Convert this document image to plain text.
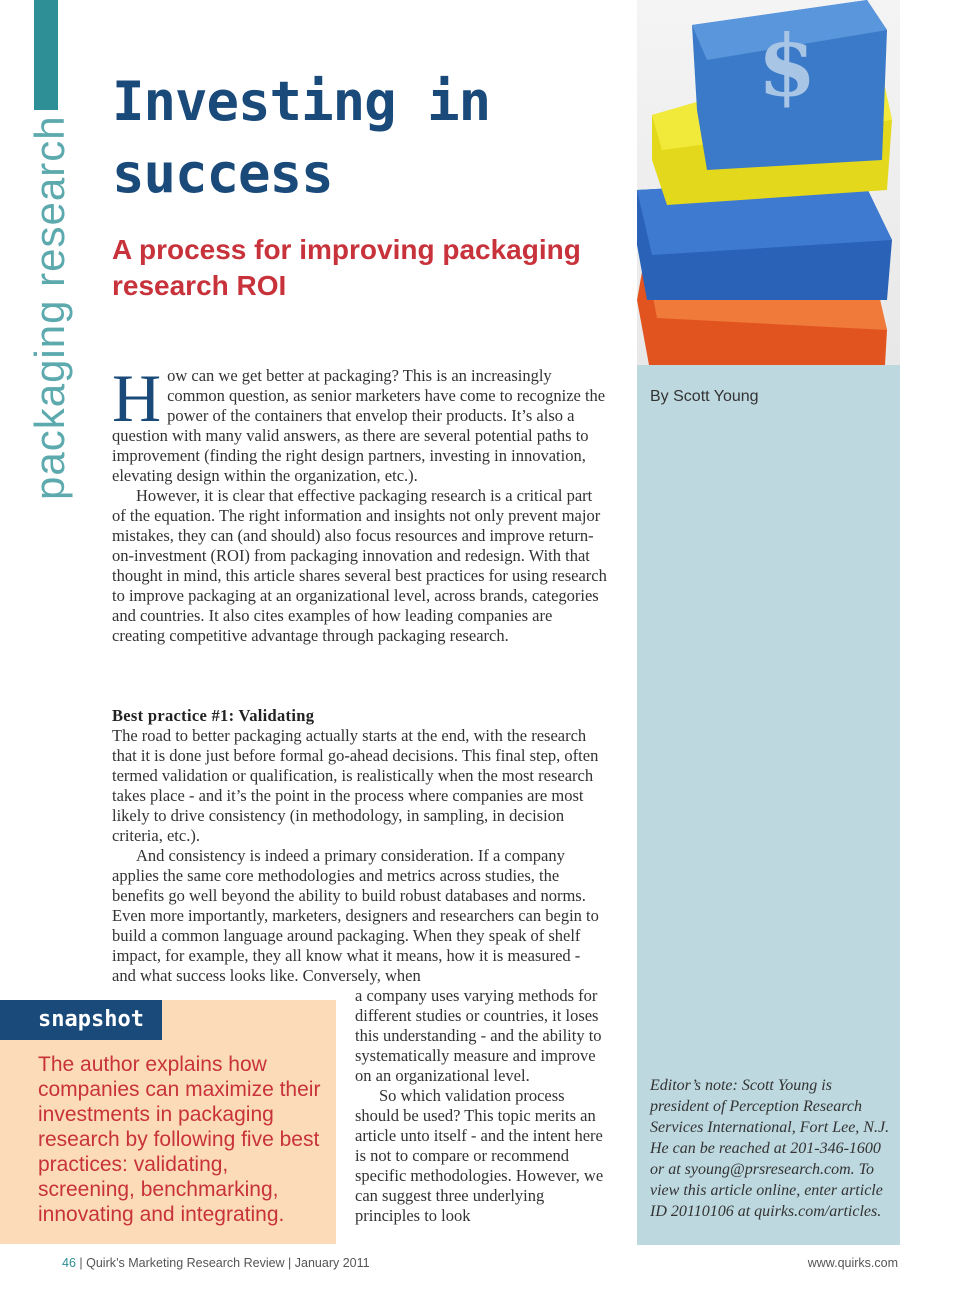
packaging research
Investing in success
A process for improving packaging research ROI
$
H ow can we get better at packaging? This is an increasingly common question, as senior marketers have come to recognize the power of the containers that envelop their products. It’s also a question with many valid answers, as there are several potential paths to improvement (finding the right design partners, investing in innovation, elevating design within the organization, etc.).

However, it is clear that effective packaging research is a critical part of the equation. The right information and insights not only prevent major mistakes, they can (and should) also focus resources and improve return-on-investment (ROI) from packaging innovation and redesign. With that thought in mind, this article shares several best practices for using research to improve packaging at an organizational level, across brands, categories and countries. It also cites examples of how leading companies are creating competitive advantage through packaging research.

Best practice #1: Validating

The road to better packaging actually starts at the end, with the research that it is done just before formal go-ahead decisions. This final step, often termed validation or qualification, is realistically when the most research takes place - and it’s the point in the process where companies are most likely to drive consistency (in methodology, in sampling, in decision criteria, etc.).

And consistency is indeed a primary consideration. If a company applies the same core methodologies and metrics across studies, the benefits go well beyond the ability to build robust databases and norms. Even more importantly, marketers, designers and researchers can begin to build a common language around packaging. When they speak of shelf impact, for example, they all know what it means, how it is measured - and what success looks like. Conversely, when

a company uses varying methods for different studies or countries, it loses this understanding - and the ability to systematically measure and improve on an organizational level.

So which validation process should be used? This topic merits an article unto itself - and the intent here is not to compare or recommend specific methodologies. However, we can suggest three underlying principles to look

snapshot

The author explains how companies can maximize their investments in packaging research by following five best practices: validating, screening, benchmarking, innovating and integrating.

By Scott Young

Editor’s note: Scott Young is president of Perception Research Services International, Fort Lee, N.J. He can be reached at 201-346-1600 or at syoung@prsresearch.com. To view this article online, enter article ID 20110106 at quirks.com/articles.

46 | Quirk’s Marketing Research Review | January 2011	www.quirks.com
